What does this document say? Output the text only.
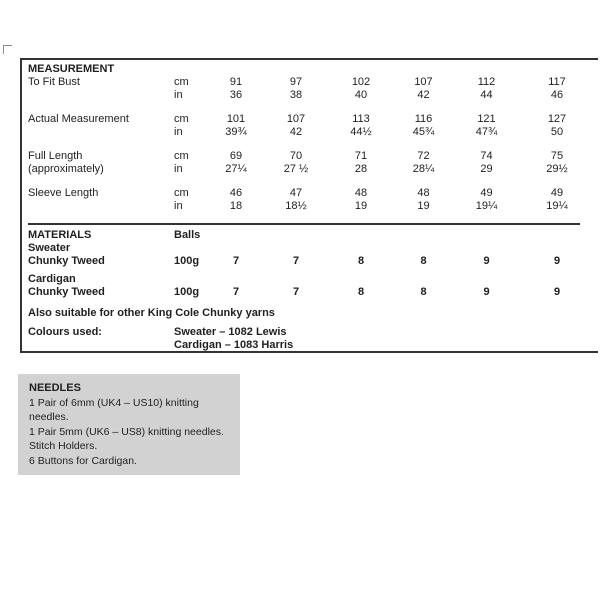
MEASUREMENT
To Fit Bust	cm	91	97	102	107	112	117
in	36	38	40	42	44	46
Actual Measurement	cm	101	107	113	116	121	127
in	39¾	42	44½	45¾	47¾	50
Full Length	cm	69	70	71	72	74	75
(approximately)	in	27¼	27 ½	28	28¼	29	29½
Sleeve Length	cm	46	47	48	48	49	49
in	18	18½	19	19	19¼	19¼
MATERIALS	Balls
Sweater
Chunky Tweed	100g	7	7	8	8	9	9
Cardigan
Chunky Tweed	100g	7	7	8	8	9	9
Also suitable for other King Cole Chunky yarns
Colours used:	Sweater – 1082 Lewis
Cardigan – 1083 Harris
NEEDLES
1 Pair of 6mm (UK4 – US10) knitting
needles.
1 Pair 5mm (UK6 – US8) knitting needles.
Stitch Holders.
6 Buttons for Cardigan.
